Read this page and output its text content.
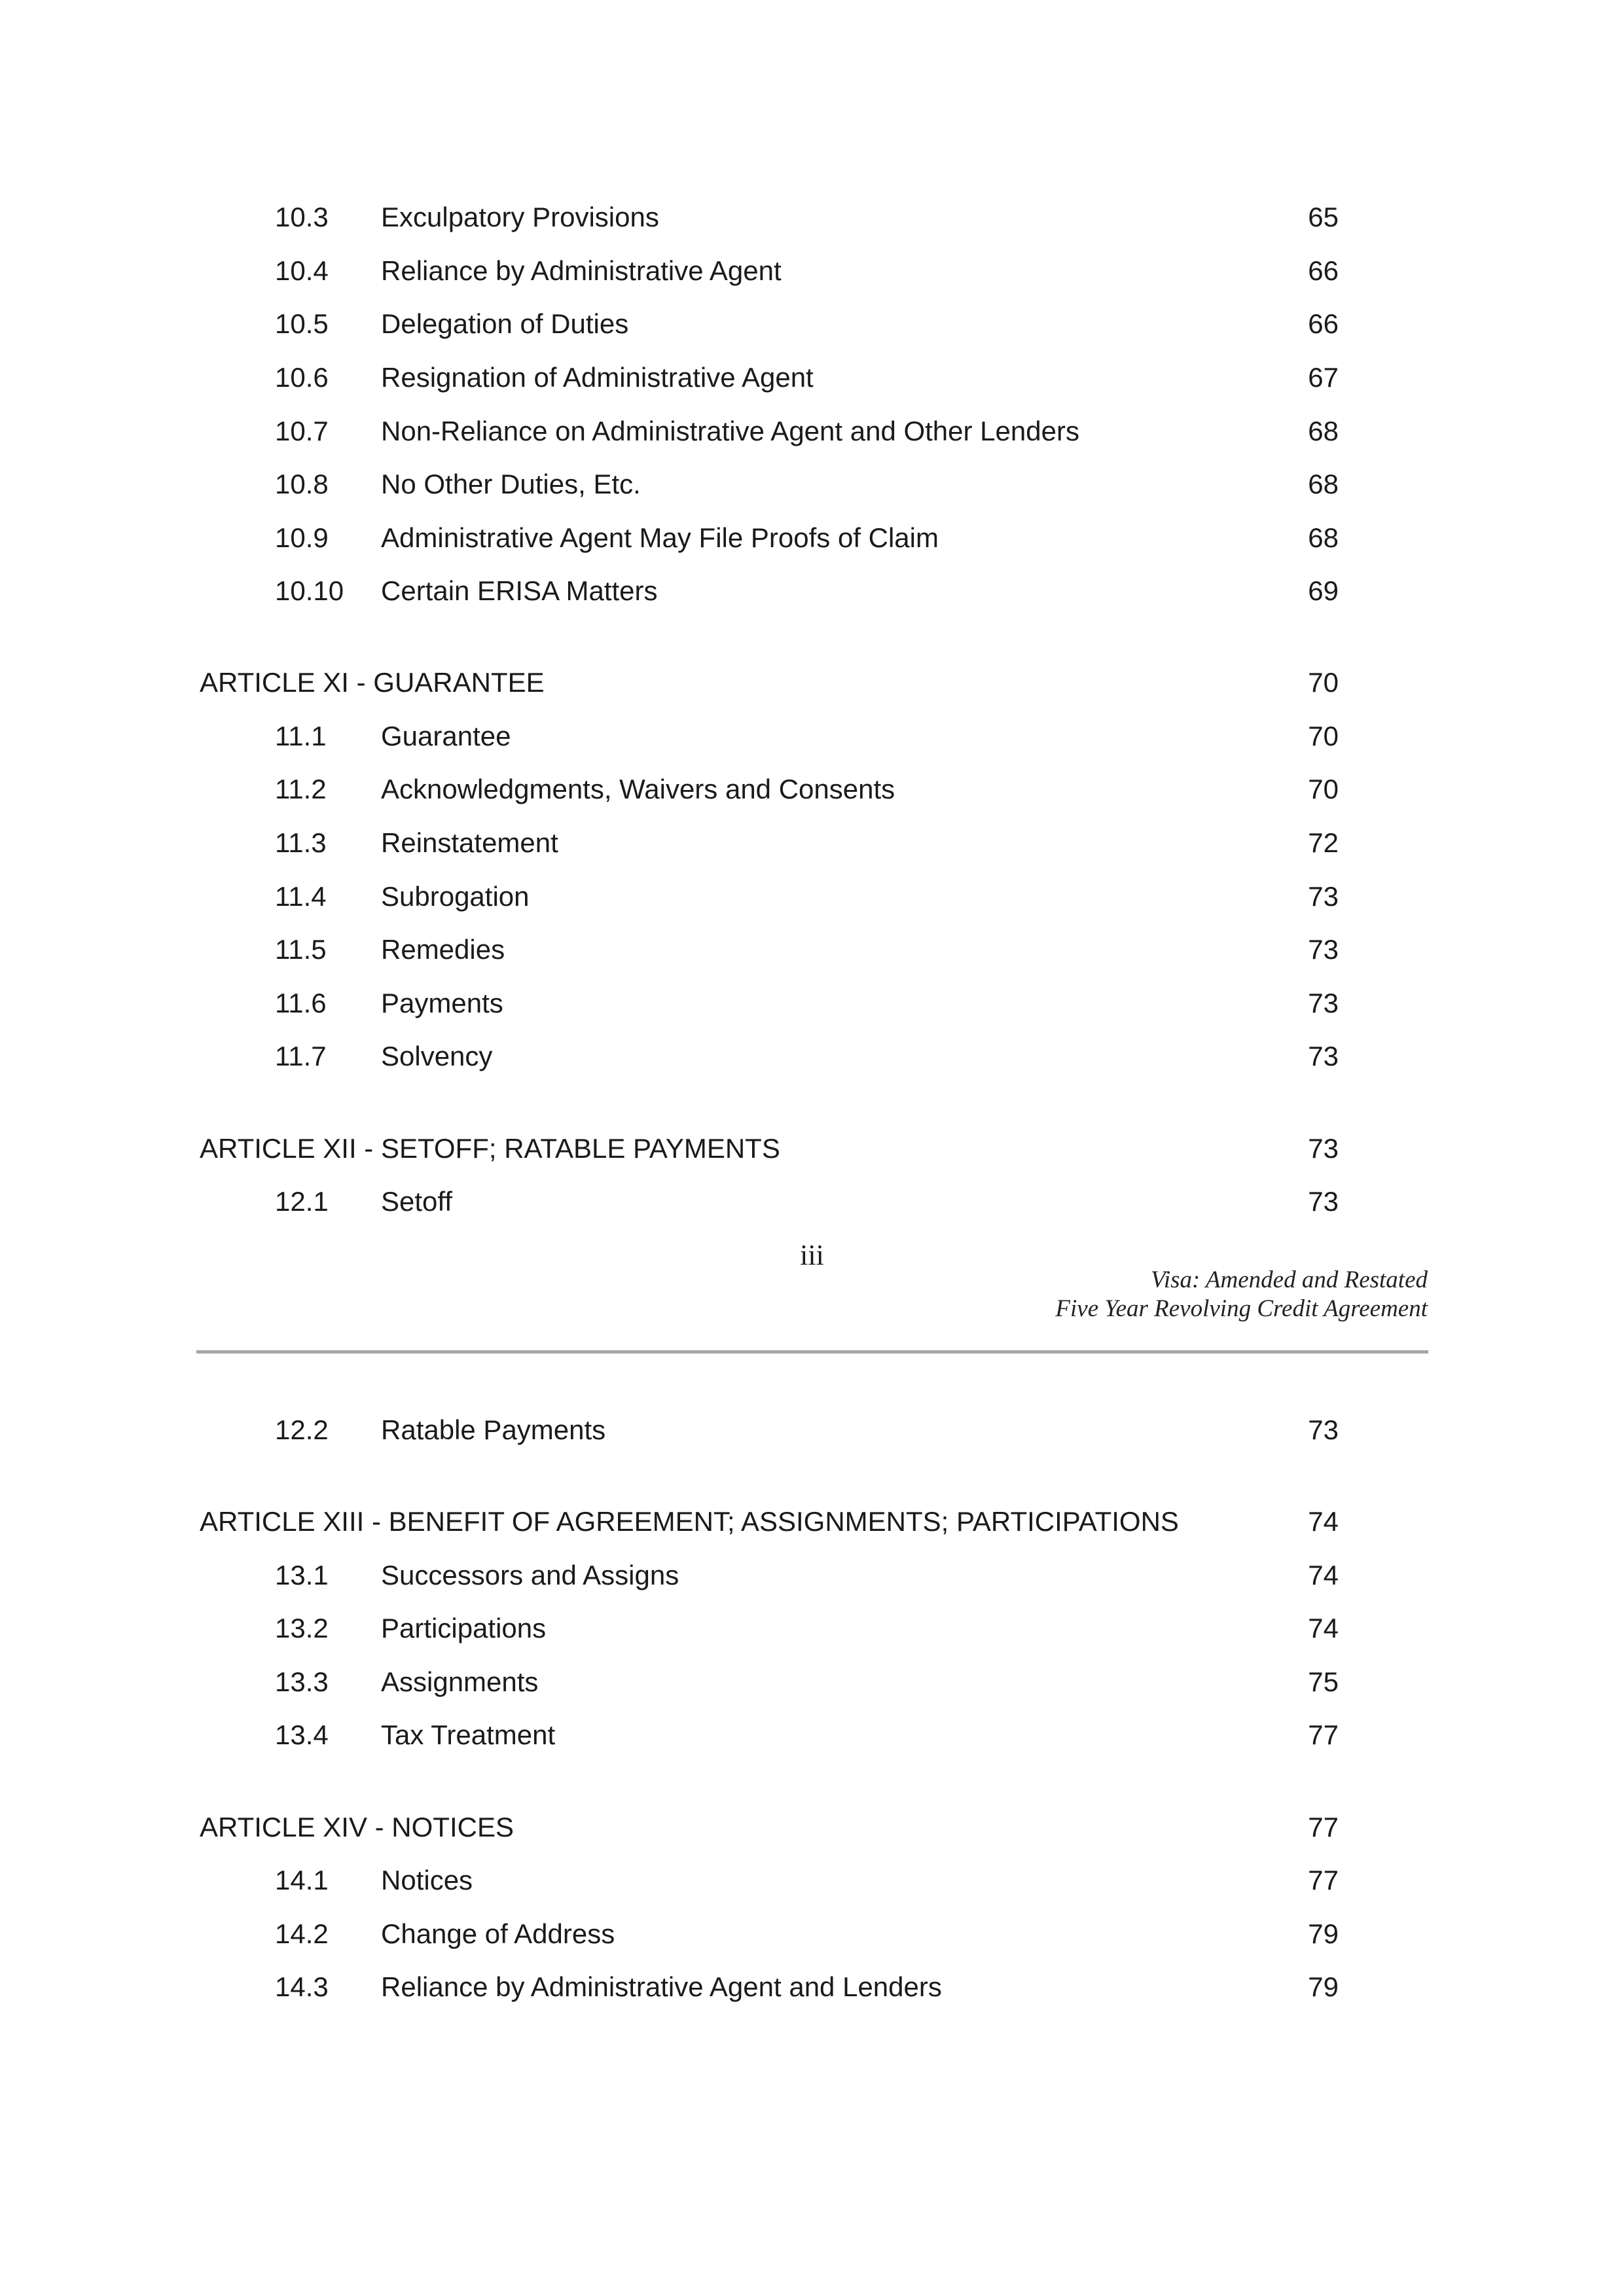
10.3 Exculpatory Provisions	65
10.4 Reliance by Administrative Agent	66
10.5 Delegation of Duties	66
10.6 Resignation of Administrative Agent	67
10.7 Non-Reliance on Administrative Agent and Other Lenders	68
10.8 No Other Duties, Etc.	68
10.9 Administrative Agent May File Proofs of Claim	68
10.10 Certain ERISA Matters	69
ARTICLE XI - GUARANTEE	70
11.1 Guarantee	70
11.2 Acknowledgments, Waivers and Consents	70
11.3 Reinstatement	72
11.4 Subrogation	73
11.5 Remedies	73
11.6 Payments	73
11.7 Solvency	73
ARTICLE XII - SETOFF; RATABLE PAYMENTS	73
12.1 Setoff	73
iii
Visa: Amended and Restated
Five Year Revolving Credit Agreement
12.2 Ratable Payments	73
ARTICLE XIII - BENEFIT OF AGREEMENT; ASSIGNMENTS; PARTICIPATIONS	74
13.1 Successors and Assigns	74
13.2 Participations	74
13.3 Assignments	75
13.4 Tax Treatment	77
ARTICLE XIV - NOTICES	77
14.1 Notices	77
14.2 Change of Address	79
14.3 Reliance by Administrative Agent and Lenders	79
